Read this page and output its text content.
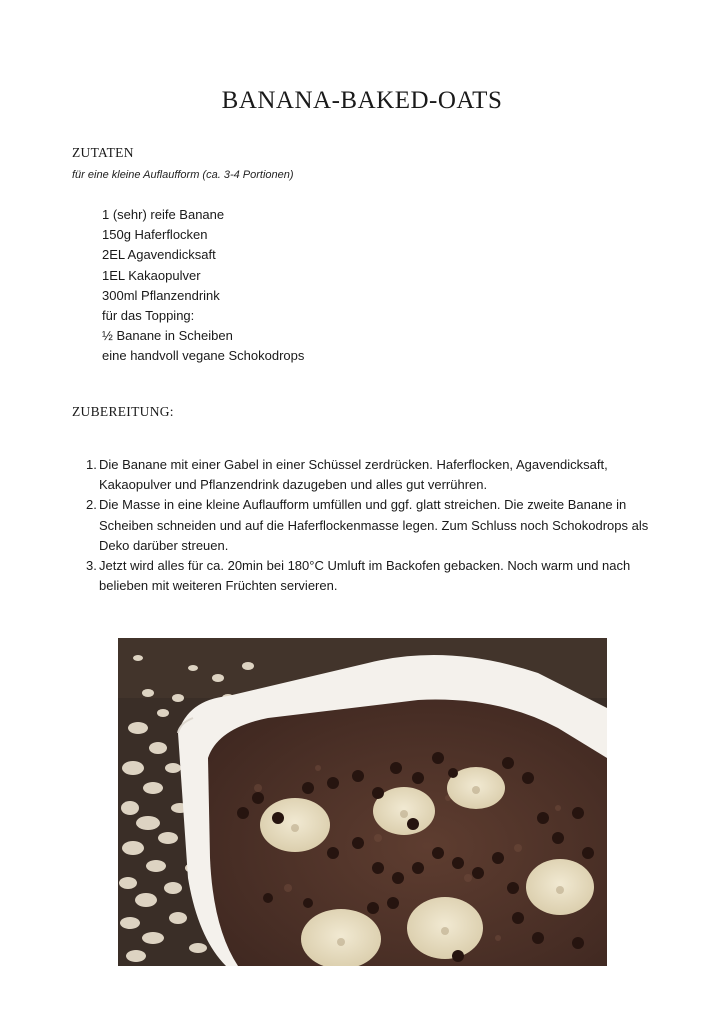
BANANA-BAKED-OATS
ZUTATEN
für eine kleine Auflaufform (ca. 3-4 Portionen)
1 (sehr) reife Banane
150g Haferflocken
2EL Agavendicksaft
1EL Kakaopulver
300ml Pflanzendrink
für das Topping:
½ Banane in Scheiben
eine handvoll vegane Schokodrops
ZUBEREITUNG:
1. Die Banane mit einer Gabel in einer Schüssel zerdrücken. Haferflocken, Agavendicksaft, Kakaopulver und Pflanzendrink dazugeben und alles gut verrühren.
2. Die Masse in eine kleine Auflaufform umfüllen und ggf. glatt streichen. Die zweite Banane in Scheiben schneiden und auf die Haferflockenmasse legen. Zum Schluss noch Schokodrops als Deko darüber streuen.
3. Jetzt wird alles für ca. 20min bei 180°C Umluft im Backofen gebacken. Noch warm und nach belieben mit weiteren Früchten servieren.
